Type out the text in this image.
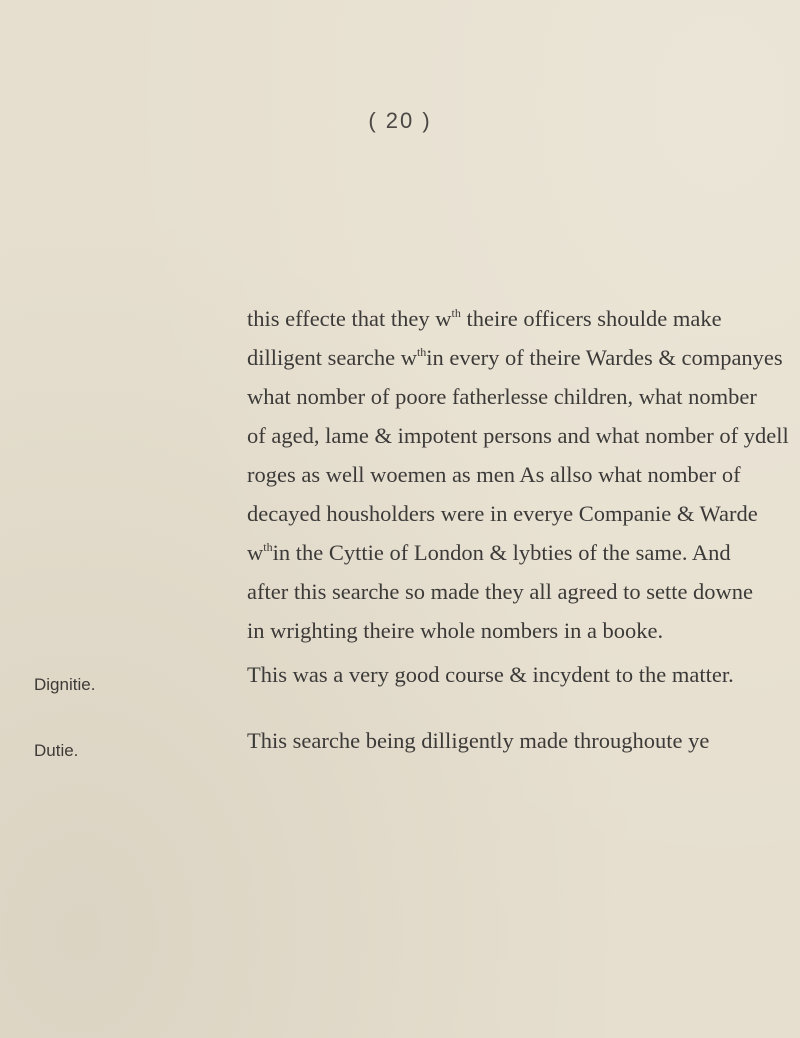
( 20 )
this effecte that they $w^{th}$ theire officers shoulde make
dilligent searche $w^{th}in$ every of theire Wardes & companyes
what nomber of poore fatherlesse children, what nomber
of aged, lame & impotent persons and what nomber of ydell
roges as well woemen as men As allso what nomber of
decayed housholders were in everye Companie & Warde
$w^{th}in$ the Cyttie of London & lybties of the same. And
after this searche so made they all agreed to sette downe
in wrighting theire whole nombers in a booke.
This was a very good course & incydent to the matter.
This searche being dilligently made throughoute ye
Dignitie.
Dutie.
